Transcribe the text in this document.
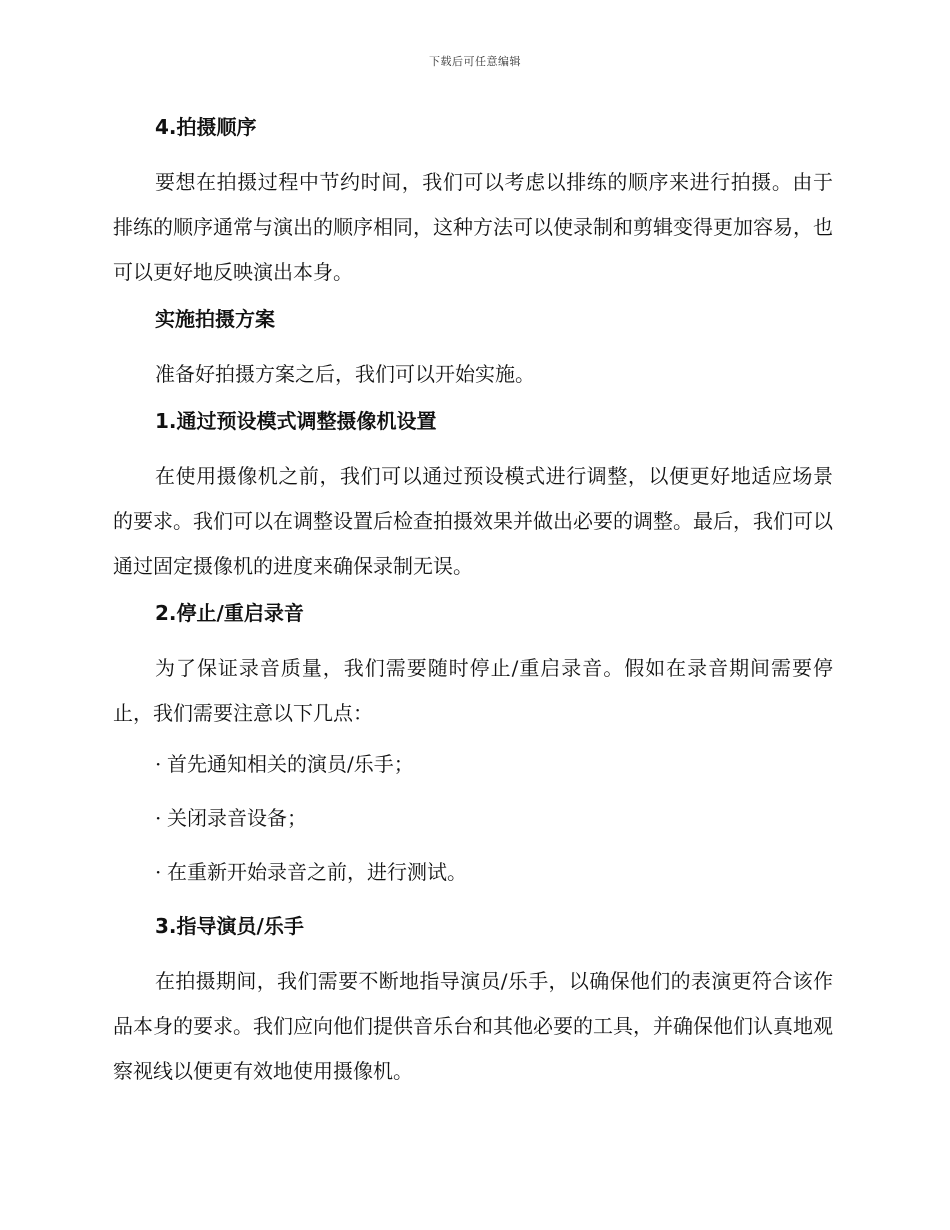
下载后可任意编辑
4.拍摄顺序
要想在拍摄过程中节约时间，我们可以考虑以排练的顺序来进行拍摄。由于排练的顺序通常与演出的顺序相同，这种方法可以使录制和剪辑变得更加容易，也可以更好地反映演出本身。
实施拍摄方案
准备好拍摄方案之后，我们可以开始实施。
1.通过预设模式调整摄像机设置
在使用摄像机之前，我们可以通过预设模式进行调整，以便更好地适应场景的要求。我们可以在调整设置后检查拍摄效果并做出必要的调整。最后，我们可以通过固定摄像机的进度来确保录制无误。
2.停止/重启录音
为了保证录音质量，我们需要随时停止/重启录音。假如在录音期间需要停止，我们需要注意以下几点：
· 首先通知相关的演员/乐手；
· 关闭录音设备；
· 在重新开始录音之前，进行测试。
3.指导演员/乐手
在拍摄期间，我们需要不断地指导演员/乐手，以确保他们的表演更符合该作品本身的要求。我们应向他们提供音乐台和其他必要的工具，并确保他们认真地观察视线以便更有效地使用摄像机。
